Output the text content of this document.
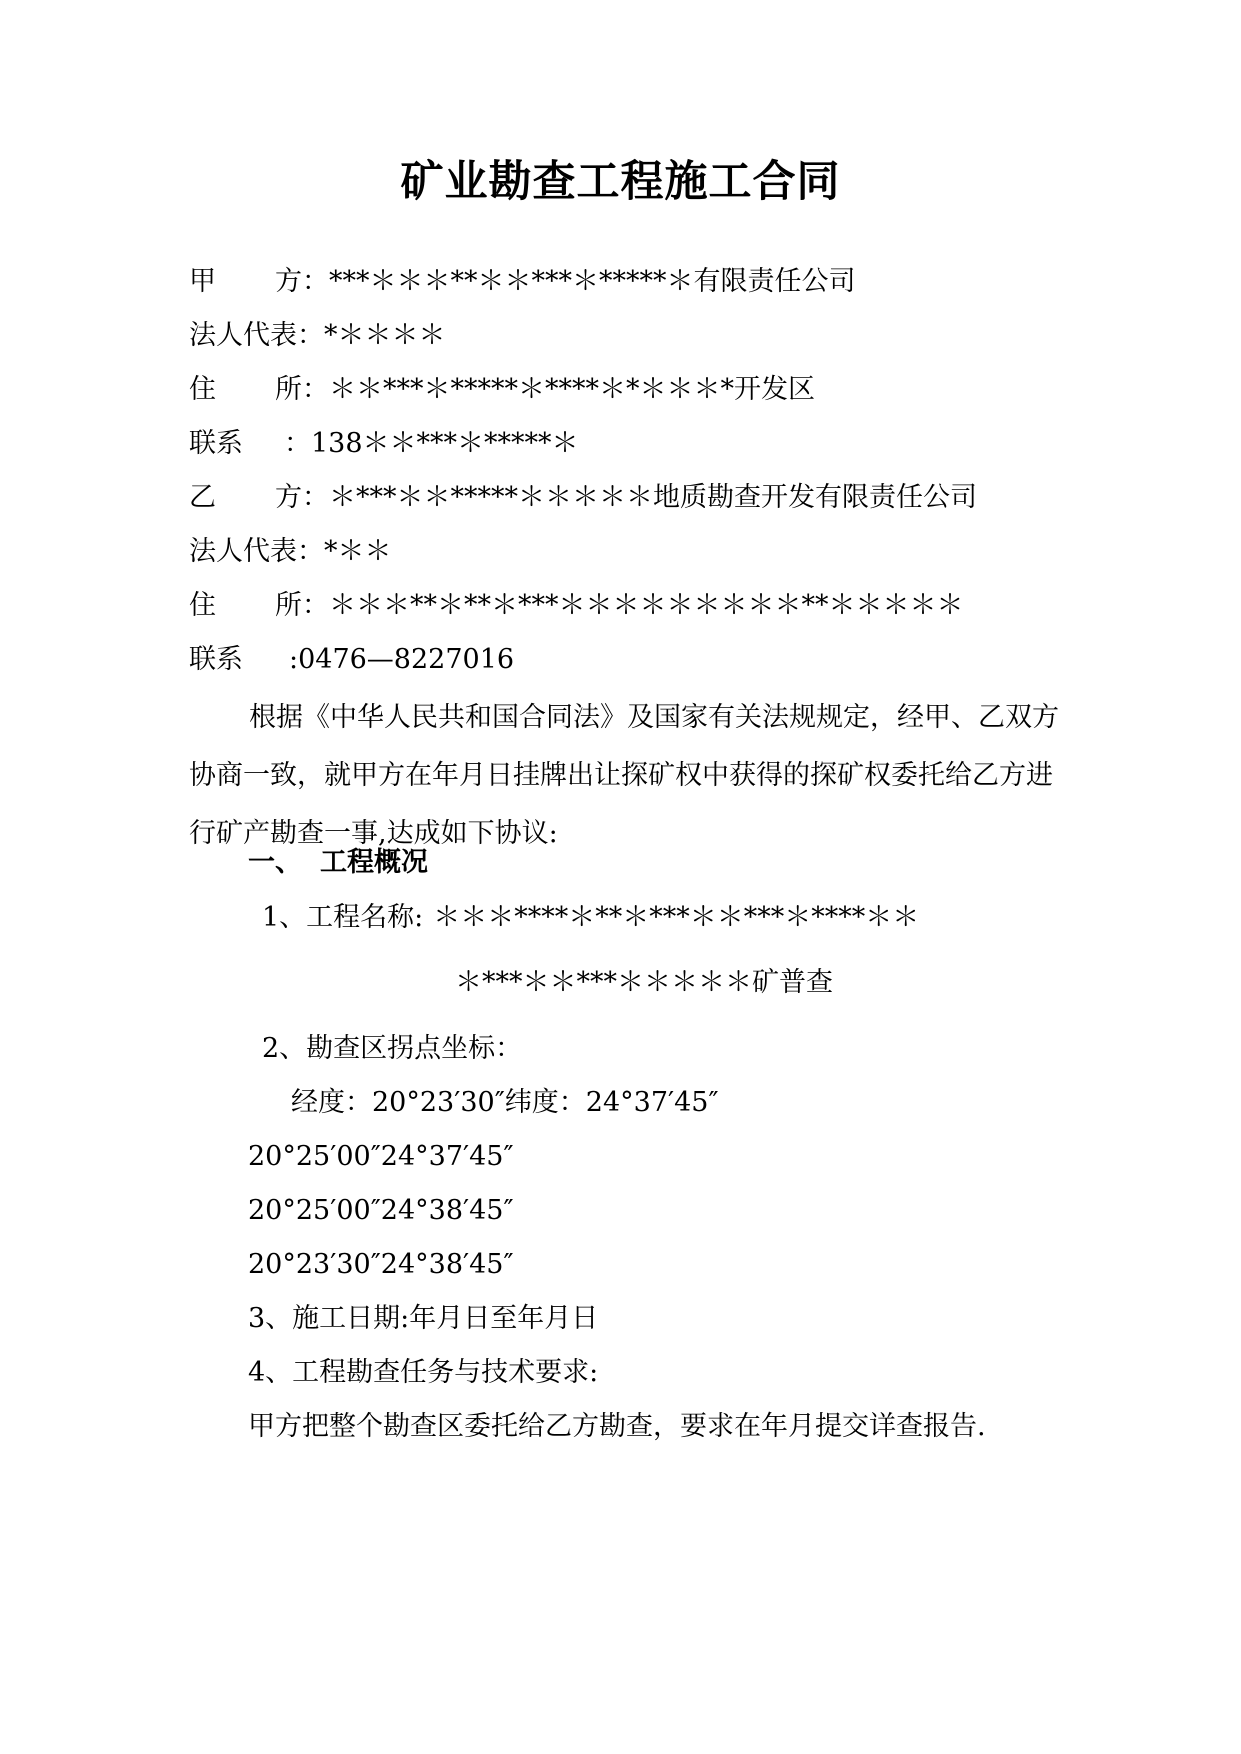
矿业勘查工程施工合同
甲 方：***＊＊＊**＊＊***＊*****＊有限责任公司
法人代表：*＊＊＊＊
住 所：＊＊***＊*****＊****＊*＊＊＊*开发区
联系 ：138＊＊***＊*****＊
乙 方：＊***＊＊*****＊＊＊＊＊地质勘查开发有限责任公司
法人代表：*＊＊
住 所：＊＊＊**＊**＊***＊＊＊＊＊＊＊＊＊**＊＊＊＊＊
联系 :0476—8227016
根据《中华人民共和国合同法》及国家有关法规规定，经甲、乙双方协商一致，就甲方在年月日挂牌出让探矿权中获得的探矿权委托给乙方进行矿产勘查一事,达成如下协议:
一、 工程概况
1、工程名称: ＊＊＊****＊**＊***＊＊***＊****＊＊
＊***＊＊***＊＊＊＊＊矿普查
2、勘查区拐点坐标：
经度：20°23′30″纬度：24°37′45″
20°25′00″24°37′45″
20°25′00″24°38′45″
20°23′30″24°38′45″
3、施工日期:年月日至年月日
4、工程勘查任务与技术要求:
甲方把整个勘查区委托给乙方勘查，要求在年月提交详查报告.
